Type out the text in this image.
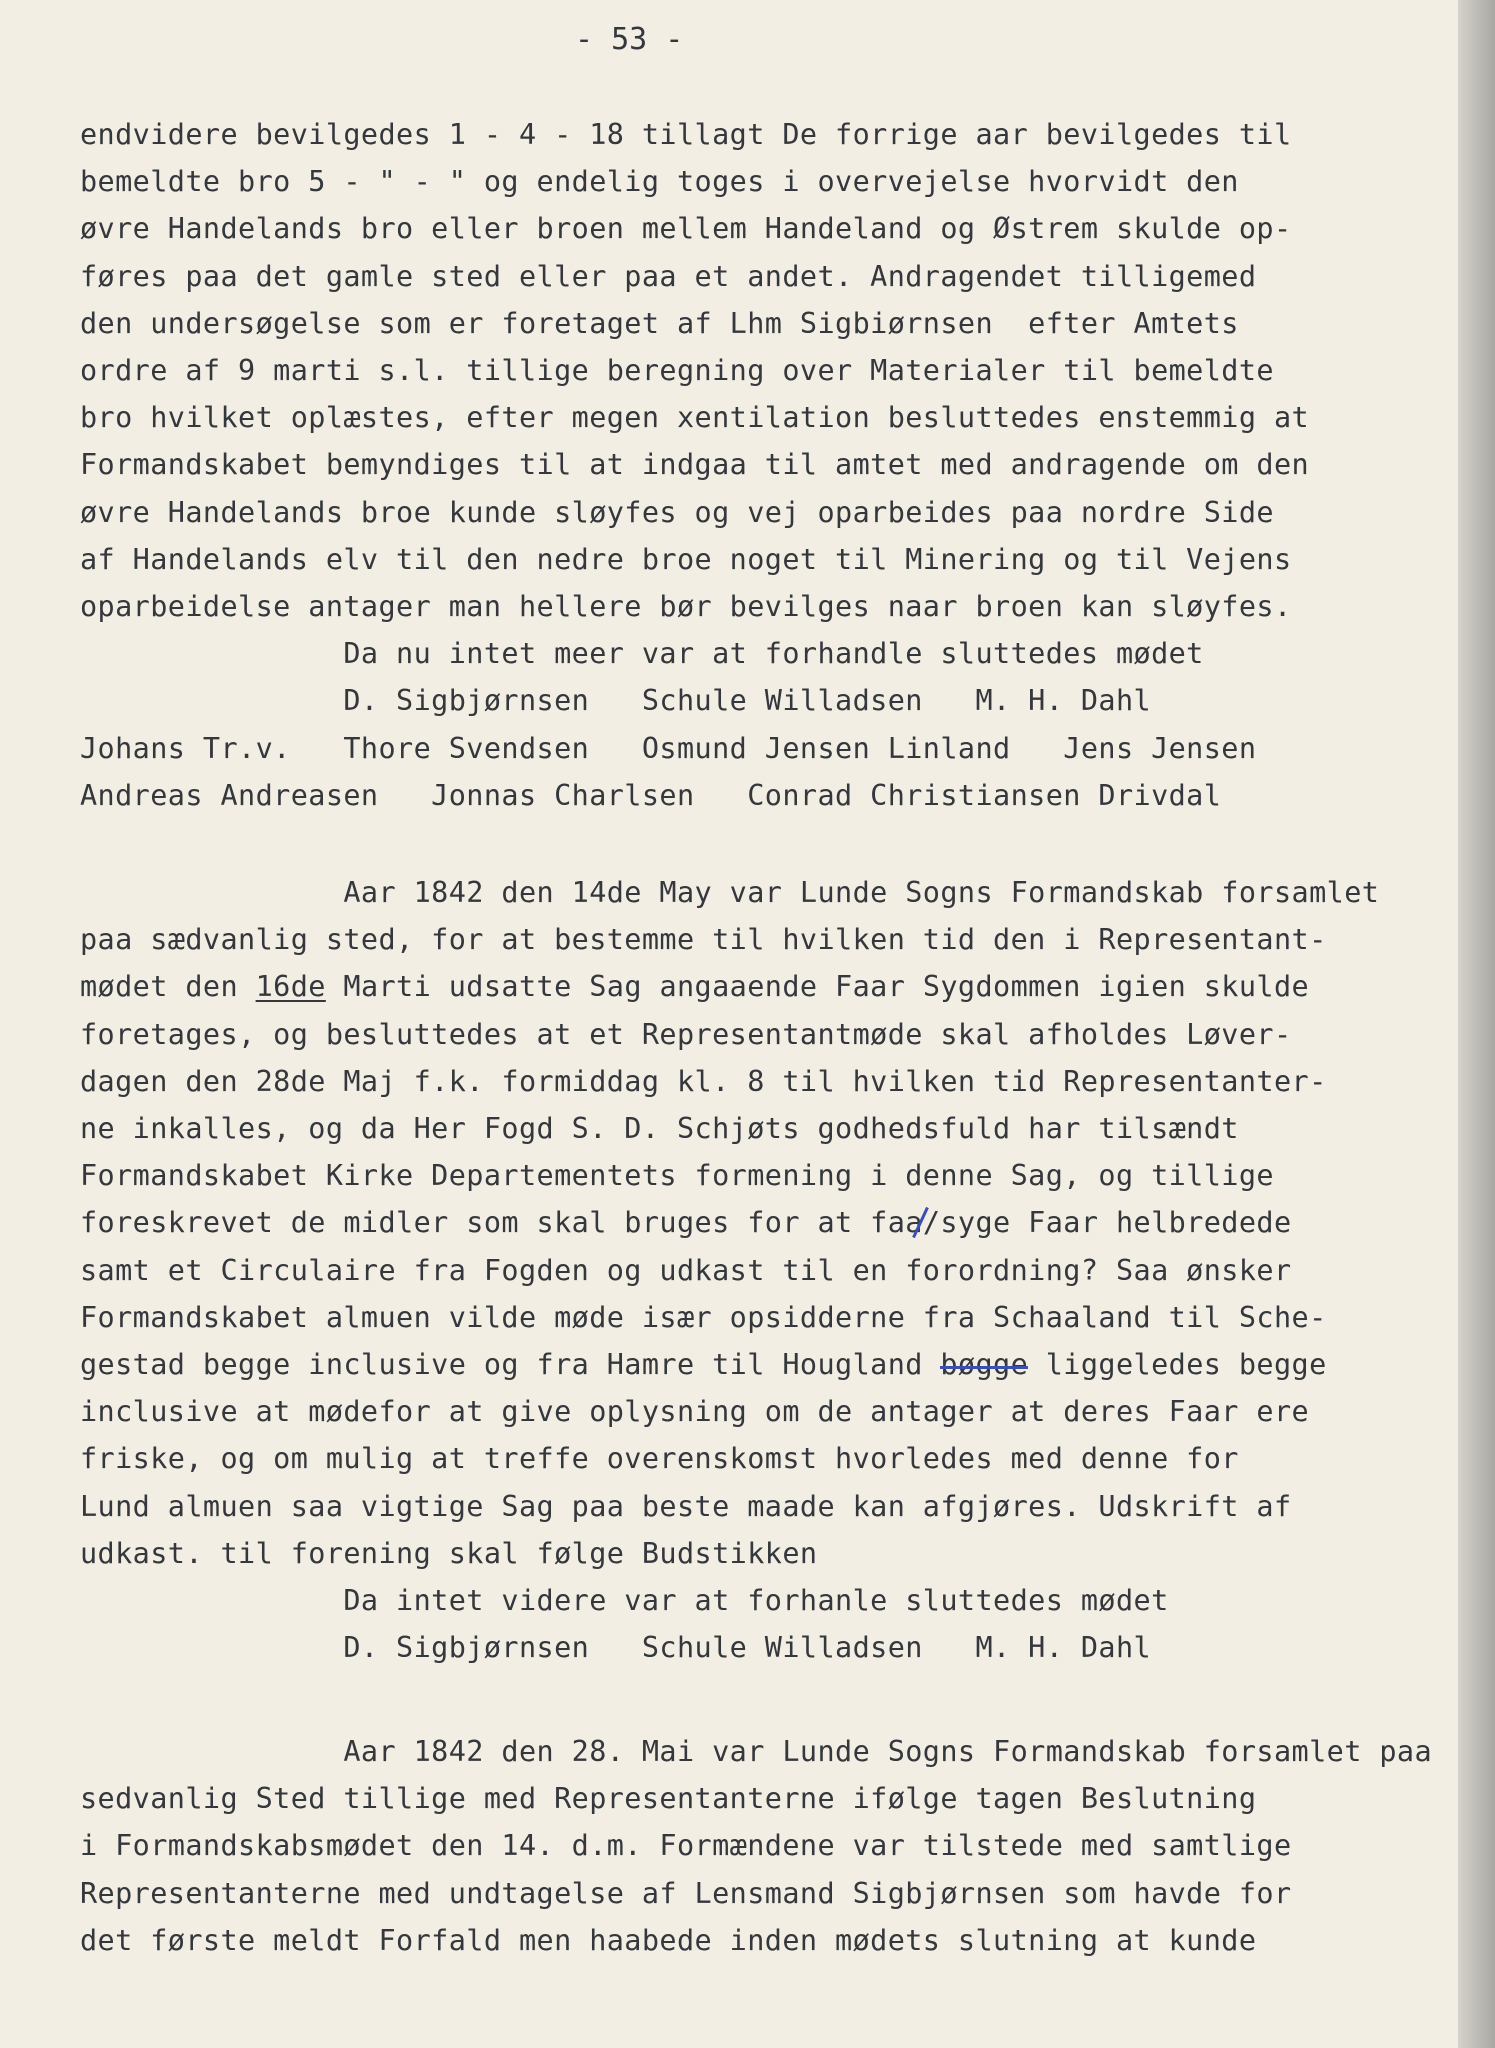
- 53 -

endvidere bevilgedes 1 - 4 - 18 tillagt De forrige aar bevilgedes til
bemeldte bro 5 - " - " og endelig toges i overvejelse hvorvidt den
øvre Handelands bro eller broen mellem Handeland og Østrem skulde op-
føres paa det gamle sted eller paa et andet. Andragendet tilligemed
den undersøgelse som er foretaget af Lhm Sigbiørnsen  efter Amtets
ordre af 9 marti s.l. tillige beregning over Materialer til bemeldte
bro hvilket oplæstes, efter megen xentilation besluttedes enstemmig at
Formandskabet bemyndiges til at indgaa til amtet med andragende om den
øvre Handelands broe kunde sløyfes og vej oparbeides paa nordre Side
af Handelands elv til den nedre broe noget til Minering og til Vejens
oparbeidelse antager man hellere bør bevilges naar broen kan sløyfes.
Da nu intet meer var at forhandle sluttedes mødet
D. Sigbjørnsen   Schule Willadsen   M. H. Dahl
Johans Tr.v.   Thore Svendsen   Osmund Jensen Linland   Jens Jensen
Andreas Andreasen   Jonnas Charlsen   Conrad Christiansen Drivdal
Aar 1842 den 14de May var Lunde Sogns Formandskab forsamlet
paa sædvanlig sted, for at bestemme til hvilken tid den i Representant-
mødet den 16de Marti udsatte Sag angaaende Faar Sygdommen igien skulde
foretages, og besluttedes at et Representantmøde skal afholdes Løver-
dagen den 28de Maj f.k. formiddag kl. 8 til hvilken tid Representanter-
ne inkalles, og da Her Fogd S. D. Schjøts godhedsfuld har tilsændt
Formandskabet Kirke Departementets formening i denne Sag, og tillige
foreskrevet de midler som skal bruges for at faa/syge Faar helbredede
samt et Circulaire fra Fogden og udkast til en forordning? Saa ønsker
Formandskabet almuen vilde møde især opsidderne fra Schaaland til Sche-
gestad begge inclusive og fra Hamre til Hougland bøgge liggeledes begge
inclusive at mødefor at give oplysning om de antager at deres Faar ere
friske, og om mulig at treffe overenskomst hvorledes med denne for
Lund almuen saa vigtige Sag paa beste maade kan afgjøres. Udskrift af
udkast. til forening skal følge Budstikken
Da intet videre var at forhanle sluttedes mødet
D. Sigbjørnsen   Schule Willadsen   M. H. Dahl
Aar 1842 den 28. Mai var Lunde Sogns Formandskab forsamlet paa
sedvanlig Sted tillige med Representanterne ifølge tagen Beslutning
i Formandskabsmødet den 14. d.m. Formændene var tilstede med samtlige
Representanterne med undtagelse af Lensmand Sigbjørnsen som havde for
det første meldt Forfald men haabede inden mødets slutning at kunde
